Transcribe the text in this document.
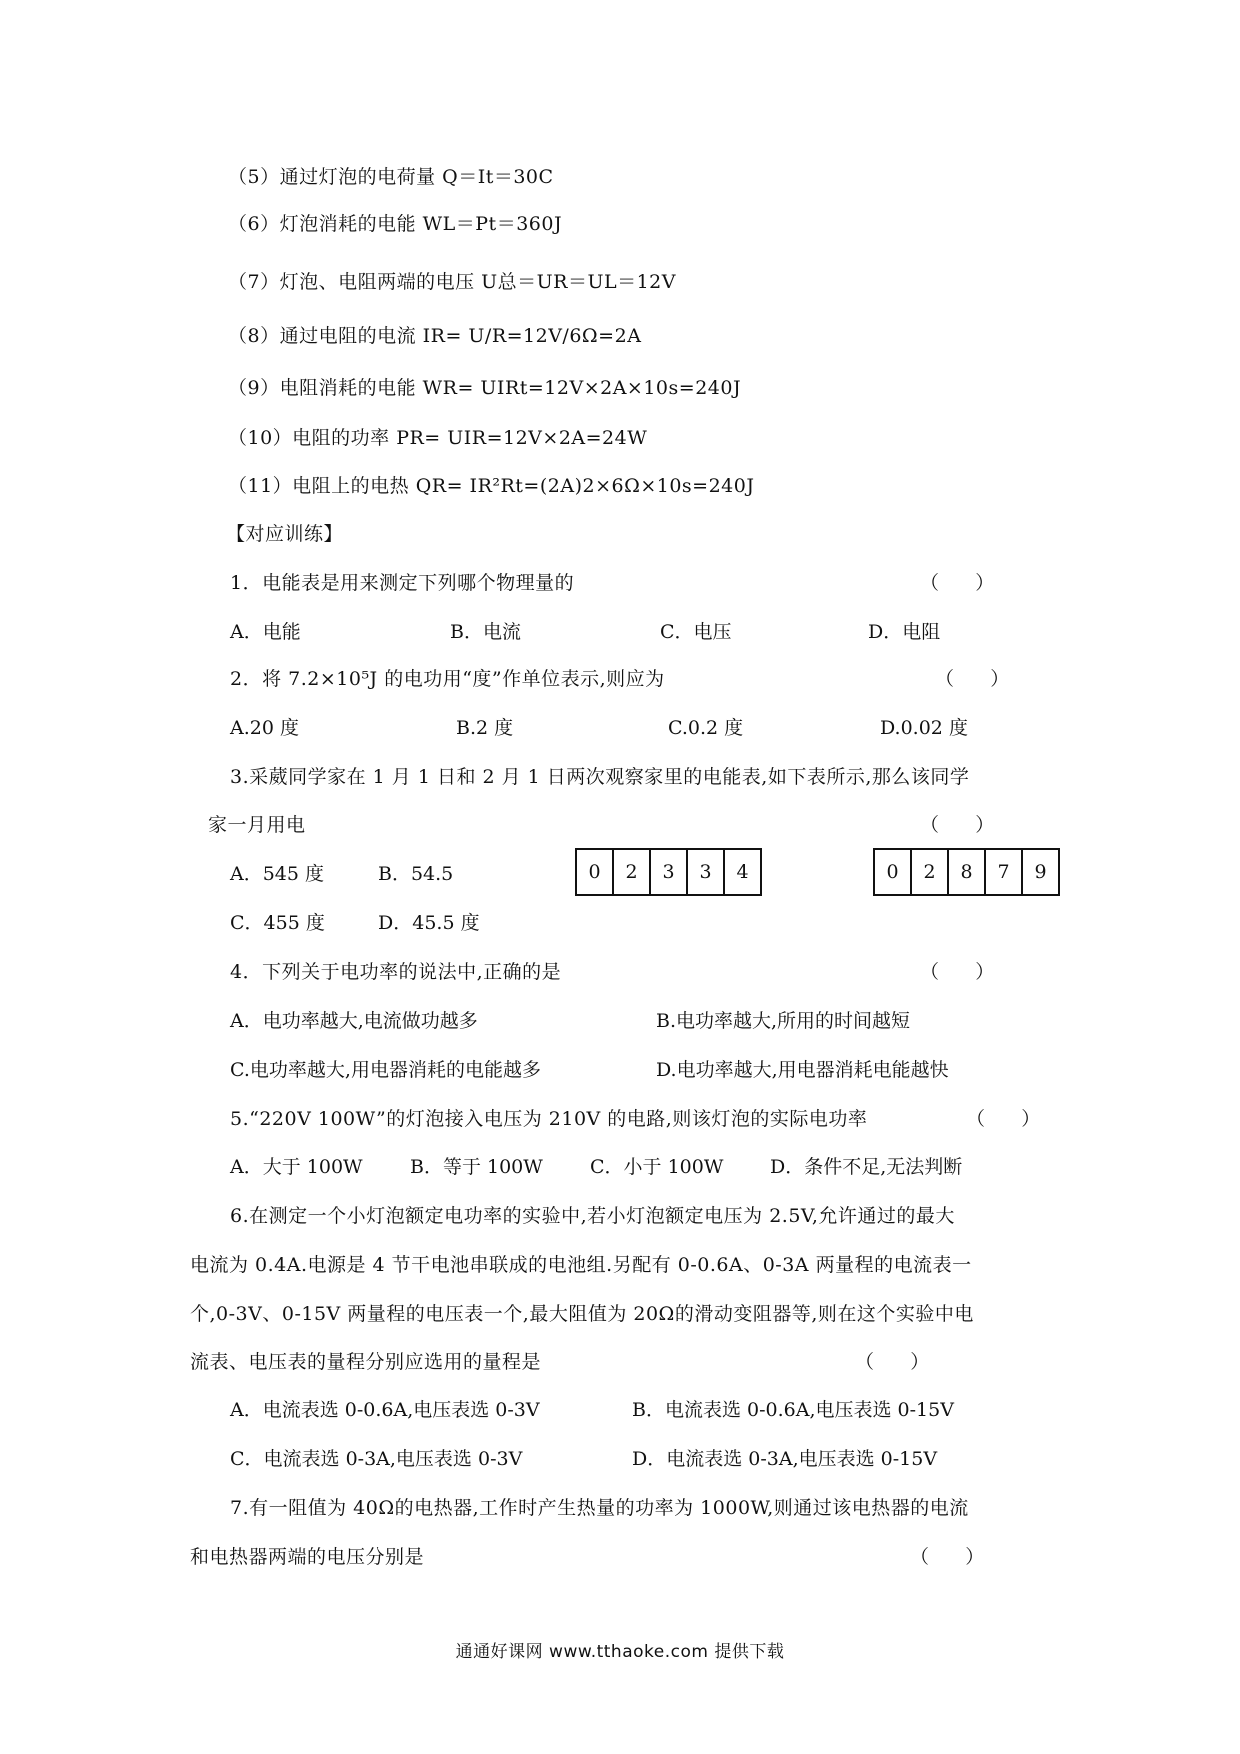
（5）通过灯泡的电荷量 Q＝It＝30C
（6）灯泡消耗的电能 WL＝Pt＝360J
（7）灯泡、电阻两端的电压 U总＝UR＝UL＝12V
（8）通过电阻的电流 IR= U/R=12V/6Ω=2A
（9）电阻消耗的电能 WR= UIRt=12V×2A×10s=240J
（10）电阻的功率 PR= UIR=12V×2A=24W
（11）电阻上的电热 QR= IR²Rt=(2A)2×6Ω×10s=240J
【对应训练】
1．电能表是用来测定下列哪个物理量的	（      ）
A．电能	B．电流	C．电压	D．电阻
2．将 7.2×10⁵J 的电功用“度”作单位表示,则应为	（      ）
A.20 度	B.2 度	C.0.2 度	D.0.02 度
3.采葳同学家在 1 月 1 日和 2 月 1 日两次观察家里的电能表,如下表所示,那么该同学
家一月用电	（      ）
A．545 度	B．54.5
C．455 度	D．45.5 度
0	2	3	3	4	0	2	8	7	9
4．下列关于电功率的说法中,正确的是	（      ）
A．电功率越大,电流做功越多	B.电功率越大,所用的时间越短
C.电功率越大,用电器消耗的电能越多	D.电功率越大,用电器消耗电能越快
5.“220V 100W”的灯泡接入电压为 210V 的电路,则该灯泡的实际电功率	（      ）
A．大于 100W B．等于 100W C．小于 100W D．条件不足,无法判断
6.在测定一个小灯泡额定电功率的实验中,若小灯泡额定电压为 2.5V,允许通过的最大
电流为 0.4A.电源是 4 节干电池串联成的电池组.另配有 0-0.6A、0-3A 两量程的电流表一
个,0-3V、0-15V 两量程的电压表一个,最大阻值为 20Ω的滑动变阻器等,则在这个实验中电
流表、电压表的量程分别应选用的量程是	（      ）
A．电流表选 0-0.6A,电压表选 0-3V	B．电流表选 0-0.6A,电压表选 0-15V
C．电流表选 0-3A,电压表选 0-3V	D．电流表选 0-3A,电压表选 0-15V
7.有一阻值为 40Ω的电热器,工作时产生热量的功率为 1000W,则通过该电热器的电流
和电热器两端的电压分别是	（      ）
通通好课网 www.tthaoke.com 提供下载
